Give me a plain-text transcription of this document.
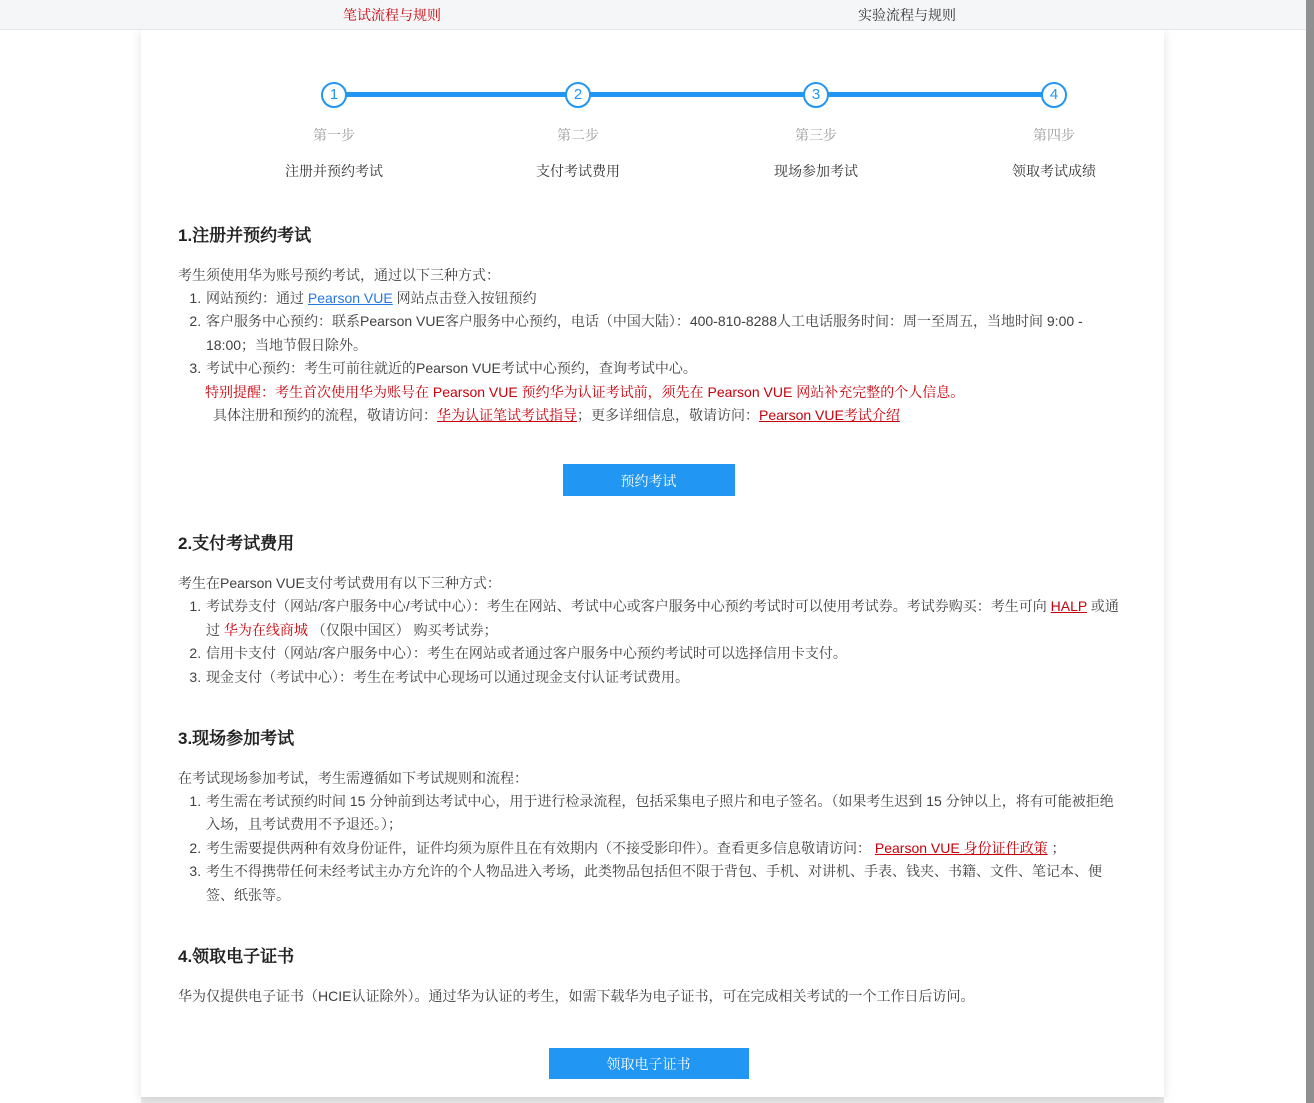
笔试流程与规则	实验流程与规则
1
第一步
注册并预约考试
2
第二步
支付考试费用
3
第三步
现场参加考试
4
第四步
领取考试成绩
1.注册并预约考试

考生须使用华为账号预约考试，通过以下三种方式：

1. 网站预约：通过 Pearson VUE 网站点击登入按钮预约
2. 客户服务中心预约：联系Pearson VUE客户服务中心预约，电话（中国大陆）：400-810-8288人工电话服务时间：周一至周五，当地时间 9:00 - 18:00；当地节假日除外。
3. 考试中心预约：考生可前往就近的Pearson VUE考试中心预约，查询考试中心。
特别提醒：考生首次使用华为账号在 Pearson VUE 预约华为认证考试前，须先在 Pearson VUE 网站补充完整的个人信息。
具体注册和预约的流程，敬请访问：华为认证笔试考试指导；更多详细信息，敬请访问：Pearson VUE考试介绍
预约考试
2.支付考试费用

考生在Pearson VUE支付考试费用有以下三种方式：

1. 考试券支付（网站/客户服务中心/考试中心）：考生在网站、考试中心或客户服务中心预约考试时可以使用考试券。考试券购买：考生可向 HALP 或通过 华为在线商城 （仅限中国区） 购买考试券；
2. 信用卡支付（网站/客户服务中心）：考生在网站或者通过客户服务中心预约考试时可以选择信用卡支付。
3. 现金支付（考试中心）：考生在考试中心现场可以通过现金支付认证考试费用。
3.现场参加考试

在考试现场参加考试，考生需遵循如下考试规则和流程：

1. 考生需在考试预约时间 15 分钟前到达考试中心，用于进行检录流程，包括采集电子照片和电子签名。（如果考生迟到 15 分钟以上，将有可能被拒绝入场，且考试费用不予退还。）；
2. 考生需要提供两种有效身份证件，证件均须为原件且在有效期内（不接受影印件）。查看更多信息敬请访问： Pearson VUE 身份证件政策 ；
3. 考生不得携带任何未经考试主办方允许的个人物品进入考场，此类物品包括但不限于背包、手机、对讲机、手表、钱夹、书籍、文件、笔记本、便签、纸张等。
4.领取电子证书

华为仅提供电子证书（HCIE认证除外）。通过华为认证的考生，如需下载华为电子证书，可在完成相关考试的一个工作日后访问。

领取电子证书
